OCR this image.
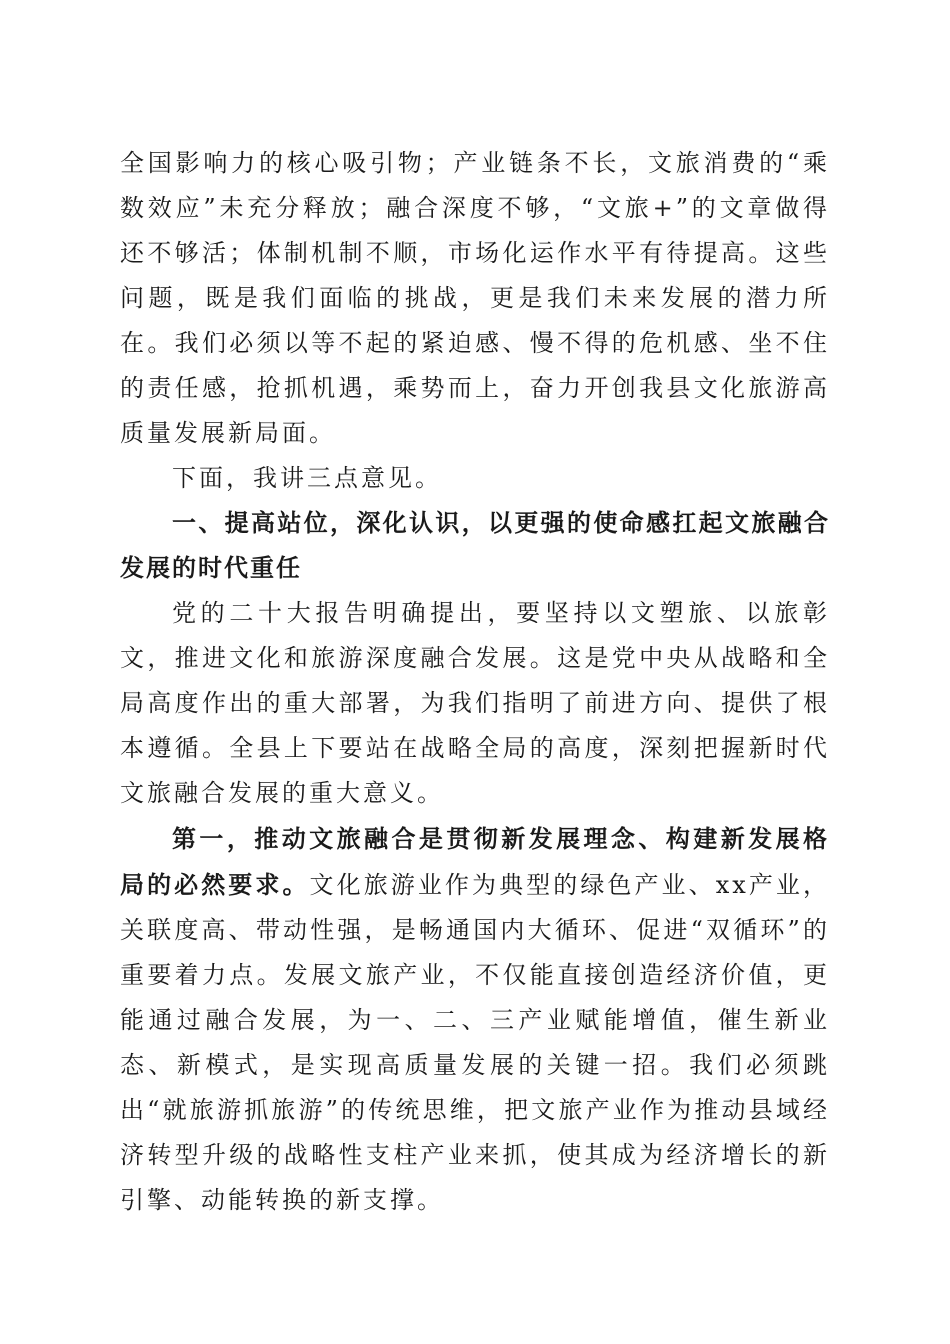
全国影响力的核心吸引物；产业链条不长，文旅消费的“乘数效应”未充分释放；融合深度不够，“文旅+”的文章做得还不够活；体制机制不顺，市场化运作水平有待提高。这些问题，既是我们面临的挑战，更是我们未来发展的潜力所在。我们必须以等不起的紧迫感、慢不得的危机感、坐不住的责任感，抢抓机遇，乘势而上，奋力开创我县文化旅游高质量发展新局面。

下面，我讲三点意见。

一、提高站位，深化认识，以更强的使命感扛起文旅融合发展的时代重任

党的二十大报告明确提出，要坚持以文塑旅、以旅彰文，推进文化和旅游深度融合发展。这是党中央从战略和全局高度作出的重大部署，为我们指明了前进方向、提供了根本遵循。全县上下要站在战略全局的高度，深刻把握新时代文旅融合发展的重大意义。

第一，推动文旅融合是贯彻新发展理念、构建新发展格局的必然要求。文化旅游业作为典型的绿色产业、xx产业，关联度高、带动性强，是畅通国内大循环、促进“双循环”的重要着力点。发展文旅产业，不仅能直接创造经济价值，更能通过融合发展，为一、二、三产业赋能增值，催生新业态、新模式，是实现高质量发展的关键一招。我们必须跳出“就旅游抓旅游”的传统思维，把文旅产业作为推动县域经济转型升级的战略性支柱产业来抓，使其成为经济增长的新引擎、动能转换的新支撑。
